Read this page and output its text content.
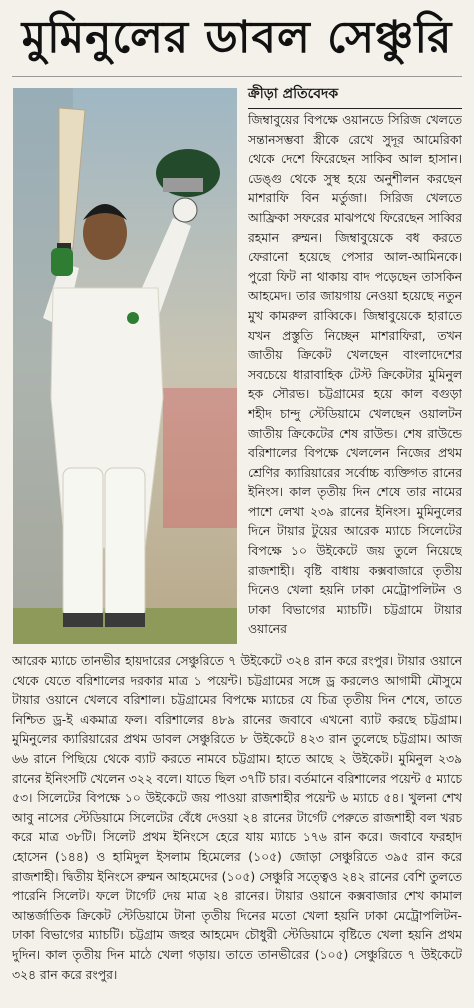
মুমিনুলের ডাবল সেঞ্চুরি
ক্রীড়া প্রতিবেদক

জিম্বাবুয়ের বিপক্ষে ওয়ানডে সিরিজ খেলতে সন্তানসম্ভবা স্ত্রীকে রেখে সুদূর আমেরিকা থেকে দেশে ফিরেছেন সাকিব আল হাসান। ডেঙ্গু থেকে সুস্থ হয়ে অনুশীলন করছেন মাশরাফি বিন মর্তুজা। সিরিজ খেলতে আফ্রিকা সফরের মাঝপথে ফিরেছেন সাব্বির রহমান রুম্মন। জিম্বাবুয়েকে বধ করতে ফেরানো হয়েছে পেসার আল-আমিনকে। পুরো ফিট না থাকায় বাদ পড়েছেন তাসকিন আহমেদ। তার জায়গায় নেওয়া হয়েছে নতুন মুখ কামরুল রাব্বিকে। জিম্বাবুয়েকে হারাতে যখন প্রস্তুতি নিচ্ছেন মাশরাফিরা, তখন জাতীয় ক্রিকেট খেলছেন বাংলাদেশের সবচেয়ে ধারাবাহিক টেস্ট ক্রিকেটার মুমিনুল হক সৌরভ। চট্টগ্রামের হয়ে কাল বগুড়া শহীদ চান্দু স্টেডিয়ামে খেলছেন ওয়ালটন জাতীয় ক্রিকেটের শেষ রাউন্ড। শেষ রাউন্ডে বরিশালের বিপক্ষে খেললেন নিজের প্রথম শ্রেণির ক্যারিয়ারের সর্বোচ্চ ব্যক্তিগত রানের ইনিংস। কাল তৃতীয় দিন শেষে তার নামের পাশে লেখা ২৩৯ রানের ইনিংস। মুমিনুলের দিনে টায়ার টুয়ের আরেক ম্যাচে সিলেটের বিপক্ষে ১০ উইকেটে জয় তুলে নিয়েছে রাজশাহী। বৃষ্টি বাধায় কক্সবাজারে তৃতীয় দিনেও খেলা হয়নি ঢাকা মেট্রোপলিটন ও ঢাকা বিভাগের ম্যাচটি। চট্টগ্রামে টায়ার ওয়ানের

আরেক ম্যাচে তানভীর হায়দারের সেঞ্চুরিতে ৭ উইকেটে ৩২৪ রান করে রংপুর। টায়ার ওয়ানে থেকে যেতে বরিশালের দরকার মাত্র ১ পয়েন্ট। চট্টগ্রামের সঙ্গে ড্র করলেও আগামী মৌসুমে টায়ার ওয়ানে খেলবে বরিশাল। চট্টগ্রামের বিপক্ষে ম্যাচের যে চিত্র তৃতীয় দিন শেষে, তাতে নিশ্চিত ড্র-ই একমাত্র ফল। বরিশালের ৪৮৯ রানের জবাবে এখনো ব্যাট করছে চট্টগ্রাম। মুমিনুলের ক্যারিয়ারের প্রথম ডাবল সেঞ্চুরিতে ৮ উইকেটে ৪২৩ রান তুলেছে চট্টগ্রাম। আজ ৬৬ রানে পিছিয়ে থেকে ব্যাট করতে নামবে চট্টগ্রাম। হাতে আছে ২ উইকেট। মুমিনুল ২৩৯ রানের ইনিংসটি খেলেন ৩২২ বলে। যাতে ছিল ৩৭টি চার। বর্তমানে বরিশালের পয়েন্ট ৫ ম্যাচে ৫৩। সিলেটের বিপক্ষে ১০ উইকেটে জয় পাওয়া রাজশাহীর পয়েন্ট ৬ ম্যাচে ৫৪। খুলনা শেখ আবু নাসের স্টেডিয়ামে সিলেটের বেঁধে দেওয়া ২৪ রানের টার্গেট পেরুতে রাজশাহী বল খরচ করে মাত্র ৩৮টি। সিলেট প্রথম ইনিংসে হেরে যায় ম্যাচে ১৭৬ রান করে। জবাবে ফরহাদ হোসেন (১৪৪) ও হামিদুল ইসলাম হিমেলের (১০৫) জোড়া সেঞ্চুরিতে ৩৯৫ রান করে রাজশাহী। দ্বিতীয় ইনিংসে রুম্মন আহমেদের (১০৫) সেঞ্চুরি সত্ত্বেও ২৪২ রানের বেশি তুলতে পারেনি সিলেট। ফলে টার্গেট দেয় মাত্র ২৪ রানের। টায়ার ওয়ানে কক্সবাজার শেখ কামাল আন্তর্জাতিক ক্রিকেট স্টেডিয়ামে টানা তৃতীয় দিনের মতো খেলা হয়নি ঢাকা মেট্রোপলিটন-ঢাকা বিভাগের ম্যাচটি। চট্টগ্রাম জহুর আহমেদ চৌধুরী স্টেডিয়ামে বৃষ্টিতে খেলা হয়নি প্রথম দুদিন। কাল তৃতীয় দিন মাঠে খেলা গড়ায়। তাতে তানভীরের (১০৫) সেঞ্চুরিতে ৭ উইকেটে ৩২৪ রান করে রংপুর।
